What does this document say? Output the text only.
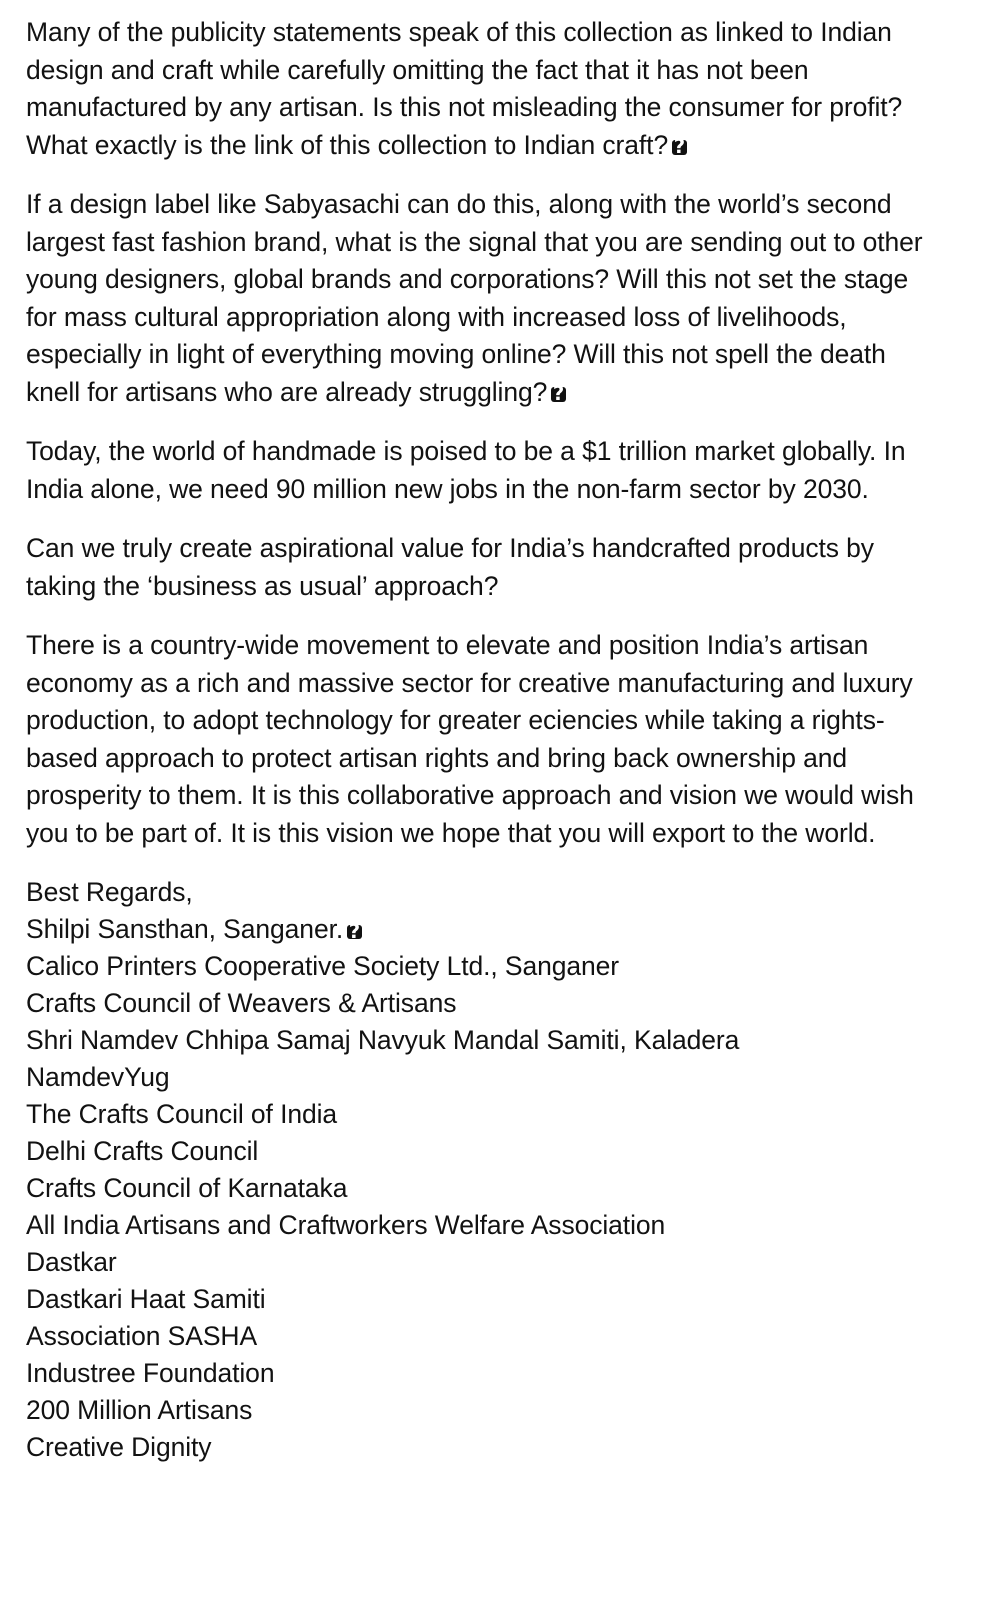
Many of the publicity statements speak of this collection as linked to Indian design and craft while carefully omitting the fact that it has not been manufactured by any artisan. Is this not misleading the consumer for profit? What exactly is the link of this collection to Indian craft??

If a design label like Sabyasachi can do this, along with the world’s second largest fast fashion brand, what is the signal that you are sending out to other young designers, global brands and corporations? Will this not set the stage for mass cultural appropriation along with increased loss of livelihoods, especially in light of everything moving online? Will this not spell the death knell for artisans who are already struggling??

Today, the world of handmade is poised to be a $1 trillion market globally. In India alone, we need 90 million new jobs in the non-farm sector by 2030.

Can we truly create aspirational value for India’s handcrafted products by taking the ‘business as usual’ approach?

There is a country-wide movement to elevate and position India’s artisan economy as a rich and massive sector for creative manufacturing and luxury production, to adopt technology for greater eciencies while taking a rights-based approach to protect artisan rights and bring back ownership and prosperity to them. It is this collaborative approach and vision we would wish you to be part of. It is this vision we hope that you will export to the world.

Best Regards,
Shilpi Sansthan, Sanganer.?
Calico Printers Cooperative Society Ltd., Sanganer
Crafts Council of Weavers & Artisans
Shri Namdev Chhipa Samaj Navyuk Mandal Samiti, Kaladera
NamdevYug
The Crafts Council of India
Delhi Crafts Council
Crafts Council of Karnataka
All India Artisans and Craftworkers Welfare Association
Dastkar
Dastkari Haat Samiti
Association SASHA
Industree Foundation
200 Million Artisans
Creative Dignity
